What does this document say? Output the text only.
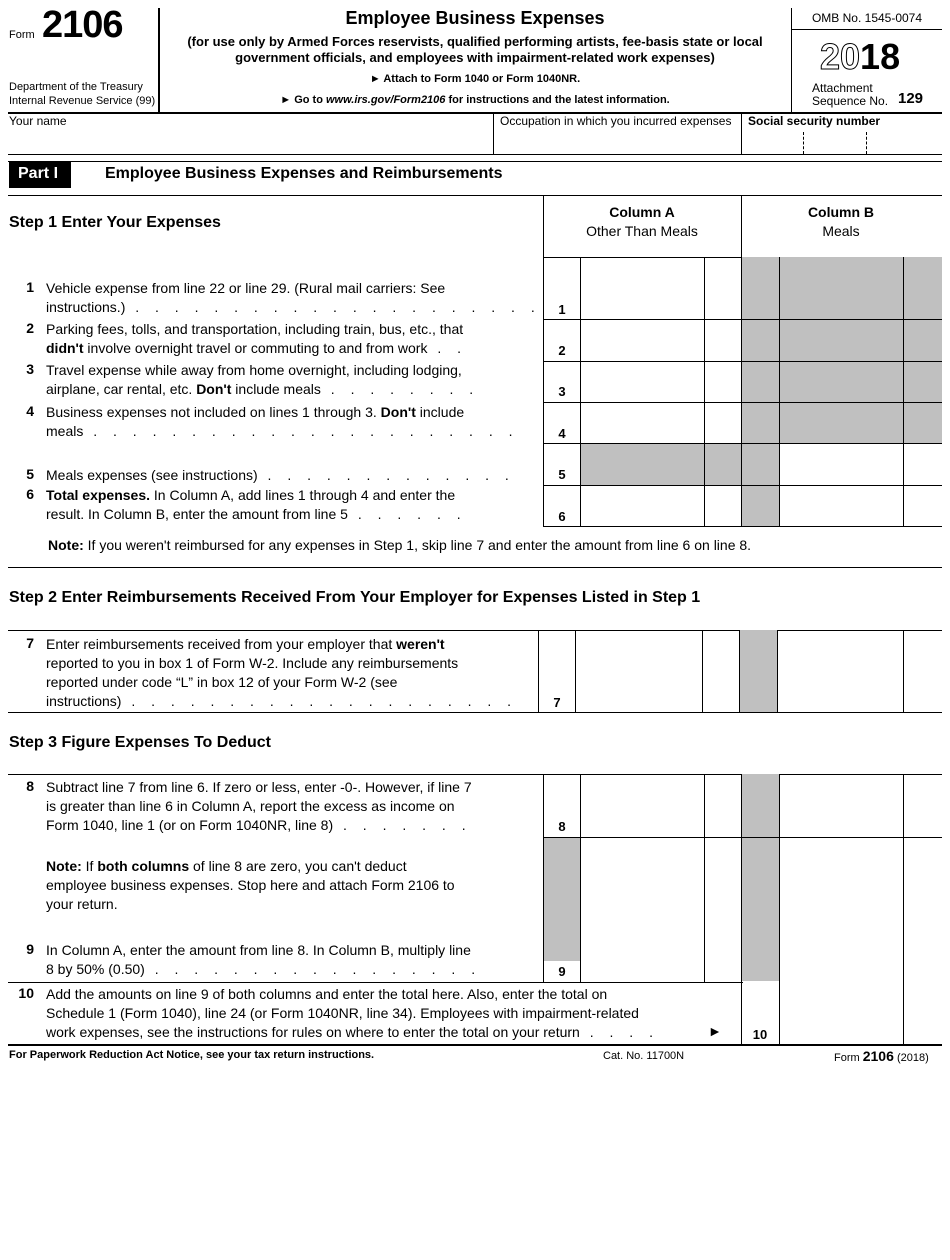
Form 2106
Department of the Treasury
Internal Revenue Service (99)
Employee Business Expenses
(for use only by Armed Forces reservists, qualified performing artists, fee-basis state or local
government officials, and employees with impairment-related work expenses)
► Attach to Form 1040 or Form 1040NR.
► Go to www.irs.gov/Form2106 for instructions and the latest information.
OMB No. 1545-0074
2018
Attachment
Sequence No. 129
Your name	Occupation in which you incurred expenses Social security number
Part I	Employee Business Expenses and Reimbursements
Step 1 Enter Your Expenses
Column A
Other Than Meals
Column B
Meals
1
2
3
4
5
6
1 Vehicle expense from line 22 or line 29. (Rural mail carriers: See
instructions.) . . . . . . . . . . . . . . . . . . . . .
2 Parking fees, tolls, and transportation, including train, bus, etc., that
didn't involve overnight travel or commuting to and from work . .
3 Travel expense while away from home overnight, including lodging,
airplane, car rental, etc. Don't include meals . . . . . . . .
4 Business expenses not included on lines 1 through 3. Don't include
meals . . . . . . . . . . . . . . . . . . . . . .
5 Meals expenses (see instructions) . . . . . . . . . . . . .
6 Total expenses. In Column A, add lines 1 through 4 and enter the
result. In Column B, enter the amount from line 5 . . . . . .
Note: If you weren't reimbursed for any expenses in Step 1, skip line 7 and enter the amount from line 6 on line 8.
Step 2 Enter Reimbursements Received From Your Employer for Expenses Listed in Step 1
7
7 Enter reimbursements received from your employer that weren't
reported to you in box 1 of Form W-2. Include any reimbursements
reported under code “L” in box 12 of your Form W-2 (see
instructions) . . . . . . . . . . . . . . . . . . . .
Step 3 Figure Expenses To Deduct
8
9
10
8 Subtract line 7 from line 6. If zero or less, enter -0-. However, if line 7
is greater than line 6 in Column A, report the excess as income on
Form 1040, line 1 (or on Form 1040NR, line 8) . . . . . . .
Note: If both columns of line 8 are zero, you can't deduct
employee business expenses. Stop here and attach Form 2106 to
your return.
9 In Column A, enter the amount from line 8. In Column B, multiply line
8 by 50% (0.50) . . . . . . . . . . . . . . . . .
10 Add the amounts on line 9 of both columns and enter the total here. Also, enter the total on
Schedule 1 (Form 1040), line 24 (or Form 1040NR, line 34). Employees with impairment-related
work expenses, see the instructions for rules on where to enter the total on your return . . . .	►
For Paperwork Reduction Act Notice, see your tax return instructions.	Cat. No. 11700N	Form 2106 (2018)
